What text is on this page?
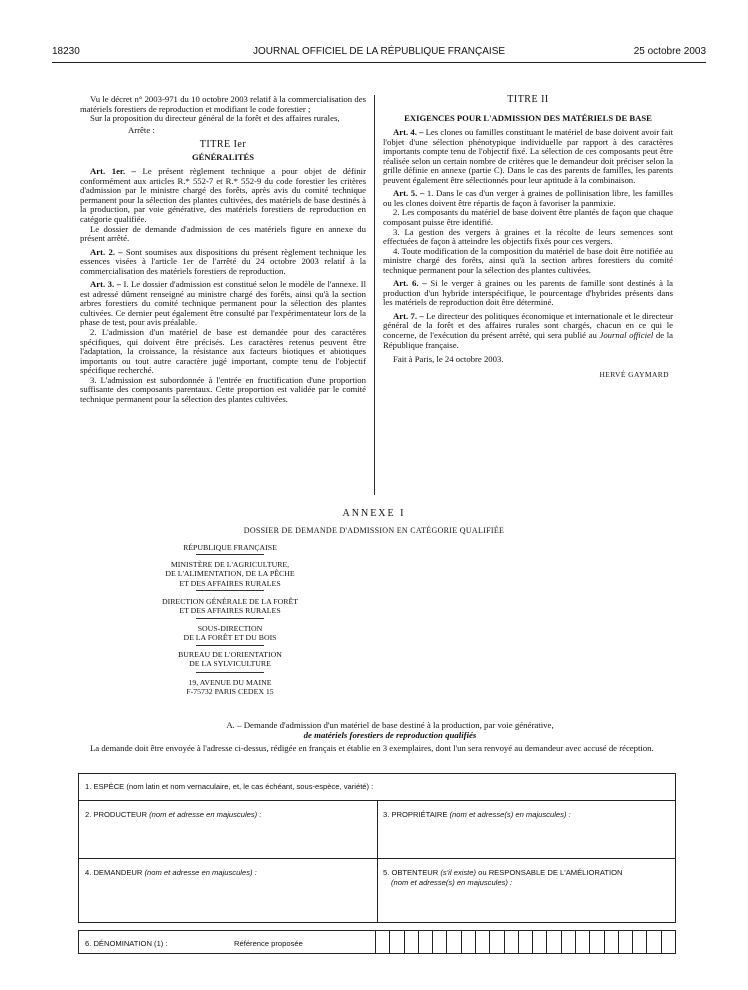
18230	JOURNAL OFFICIEL DE LA RÉPUBLIQUE FRANÇAISE	25 octobre 2003

Vu le décret n° 2003-971 du 10 octobre 2003 relatif à la commercialisation des matériels forestiers de reproduction et modifiant le code forestier ;

Sur la proposition du directeur général de la forêt et des affaires rurales,

Arrête :

TITRE Ier

GÉNÉRALITÉS

Art. 1er. – Le présent règlement technique a pour objet de définir conformément aux articles R.* 552-7 et R.* 552-9 du code forestier les critères d'admission par le ministre chargé des forêts, après avis du comité technique permanent pour la sélection des plantes cultivées, des matériels de base destinés à la production, par voie générative, des matériels forestiers de reproduction en catégorie qualifiée.

Le dossier de demande d'admission de ces matériels figure en annexe du présent arrêté.

Art. 2. – Sont soumises aux dispositions du présent règlement technique les essences visées à l'article 1er de l'arrêté du 24 octobre 2003 relatif à la commercialisation des matériels forestiers de reproduction.

Art. 3. – I. Le dossier d'admission est constitué selon le modèle de l'annexe. Il est adressé dûment renseigné au ministre chargé des forêts, ainsi qu'à la section arbres forestiers du comité technique permanent pour la sélection des plantes cultivées. Ce dernier peut également être consulté par l'expérimentateur lors de la phase de test, pour avis préalable.

2. L'admission d'un matériel de base est demandée pour des caractères spécifiques, qui doivent être précisés. Les caractères retenus peuvent être l'adaptation, la croissance, la résistance aux facteurs biotiques et abiotiques importants ou tout autre caractère jugé important, compte tenu de l'objectif spécifique recherché.

3. L'admission est subordonnée à l'entrée en fructification d'une proportion suffisante des composants parentaux. Cette proportion est validée par le comité technique permanent pour la sélection des plantes cultivées.

TITRE II

EXIGENCES POUR L'ADMISSION DES MATÉRIELS DE BASE

Art. 4. – Les clones ou familles constituant le matériel de base doivent avoir fait l'objet d'une sélection phénotypique individuelle par rapport à des caractères importants compte tenu de l'objectif fixé. La sélection de ces composants peut être réalisée selon un certain nombre de critères que le demandeur doit préciser selon la grille définie en annexe (partie C). Dans le cas des parents de familles, les parents peuvent également être sélectionnés pour leur aptitude à la combinaison.

Art. 5. – 1. Dans le cas d'un verger à graines de pollinisation libre, les familles ou les clones doivent être répartis de façon à favoriser la panmixie.

2. Les composants du matériel de base doivent être plantés de façon que chaque composant puisse être identifié.

3. La gestion des vergers à graines et la récolte de leurs semences sont effectuées de façon à atteindre les objectifs fixés pour ces vergers.

4. Toute modification de la composition du matériel de base doit être notifiée au ministre chargé des forêts, ainsi qu'à la section arbres forestiers du comité technique permanent pour la sélection des plantes cultivées.

Art. 6. – Si le verger à graines ou les parents de famille sont destinés à la production d'un hybride interspécifique, le pourcentage d'hybrides présents dans les matériels de reproduction doit être déterminé.

Art. 7. – Le directeur des politiques économique et internationale et le directeur général de la forêt et des affaires rurales sont chargés, chacun en ce qui le concerne, de l'exécution du présent arrêté, qui sera publié au Journal officiel de la République française.

Fait à Paris, le 24 octobre 2003.

HERVÉ GAYMARD

ANNEXE I
DOSSIER DE DEMANDE D'ADMISSION EN CATÉGORIE QUALIFIÉE
RÉPUBLIQUE FRANÇAISE
MINISTÈRE DE L'AGRICULTURE,
DE L'ALIMENTATION, DE LA PÊCHE
ET DES AFFAIRES RURALES
DIRECTION GÉNÉRALE DE LA FORÊT
ET DES AFFAIRES RURALES
SOUS-DIRECTION
DE LA FORÊT ET DU BOIS
BUREAU DE L'ORIENTATION
DE LA SYLVICULTURE
19, AVENUE DU MAINE
F-75732 PARIS CEDEX 15
A. – Demande d'admission d'un matériel de base destiné à la production, par voie générative,
de matériels forestiers de reproduction qualifiés
La demande doit être envoyée à l'adresse ci-dessus, rédigée en français et établie en 3 exemplaires, dont l'un sera renvoyé au demandeur avec accusé de réception.
1. ESPÈCE (nom latin et nom vernaculaire, et, le cas échéant, sous-espèce, variété) :
2. PRODUCTEUR (nom et adresse en majuscules) :	3. PROPRIÉTAIRE (nom et adresse(s) en majuscules) :
4. DEMANDEUR (nom et adresse en majuscules) :	5. OBTENTEUR (s'il existe) ou RESPONSABLE DE L'AMÉLIORATION
(nom et adresse(s) en majuscules) :
6. DÉNOMINATION (1) :	Référence proposée
